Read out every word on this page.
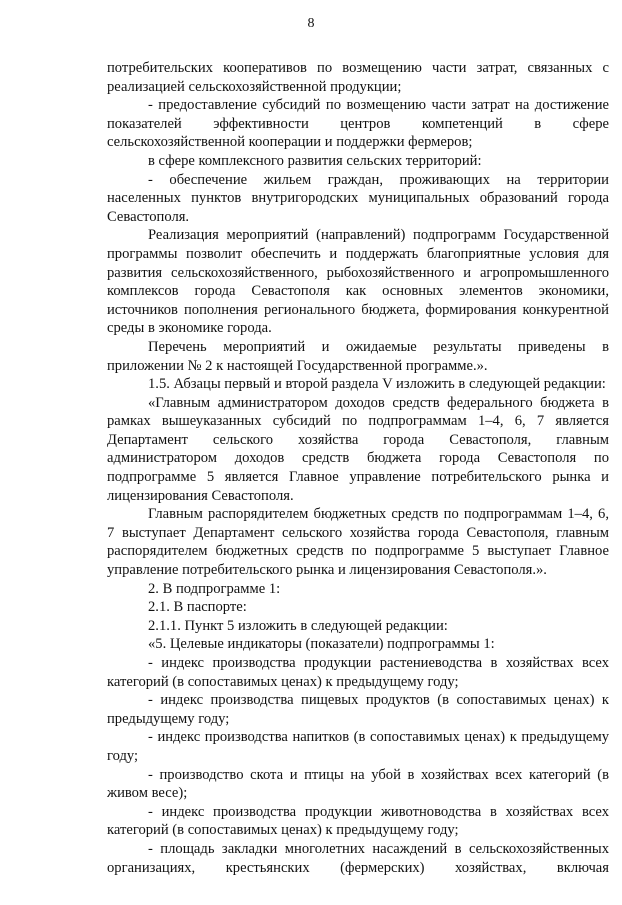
8

потребительских кооперативов по возмещению части затрат, связанных с реализацией сельскохозяйственной продукции;

- предоставление субсидий по возмещению части затрат на достижение показателей эффективности центров компетенций в сфере сельскохозяйственной кооперации и поддержки фермеров;

в сфере комплексного развития сельских территорий:

- обеспечение жильем граждан, проживающих на территории населенных пунктов внутригородских муниципальных образований города Севастополя.

Реализация мероприятий (направлений) подпрограмм Государственной программы позволит обеспечить и поддержать благоприятные условия для развития сельскохозяйственного, рыбохозяйственного и агропромышленного комплексов города Севастополя как основных элементов экономики, источников пополнения регионального бюджета, формирования конкурентной среды в экономике города.

Перечень мероприятий и ожидаемые результаты приведены в приложении № 2 к настоящей Государственной программе.».

1.5. Абзацы первый и второй раздела V изложить в следующей редакции:

«Главным администратором доходов средств федерального бюджета в рамках вышеуказанных субсидий по подпрограммам 1–4, 6, 7 является Департамент сельского хозяйства города Севастополя, главным администратором доходов средств бюджета города Севастополя по подпрограмме 5 является Главное управление потребительского рынка и лицензирования Севастополя.

Главным распорядителем бюджетных средств по подпрограммам 1–4, 6, 7 выступает Департамент сельского хозяйства города Севастополя, главным распорядителем бюджетных средств по подпрограмме 5 выступает Главное управление потребительского рынка и лицензирования Севастополя.».

2. В подпрограмме 1:

2.1. В паспорте:

2.1.1. Пункт 5 изложить в следующей редакции:

«5. Целевые индикаторы (показатели) подпрограммы 1:

- индекс производства продукции растениеводства в хозяйствах всех категорий (в сопоставимых ценах) к предыдущему году;

- индекс производства пищевых продуктов (в сопоставимых ценах) к предыдущему году;

- индекс производства напитков (в сопоставимых ценах) к предыдущему году;

- производство скота и птицы на убой в хозяйствах всех категорий (в живом весе);

- индекс производства продукции животноводства в хозяйствах всех категорий (в сопоставимых ценах) к предыдущему году;

- площадь закладки многолетних насаждений в сельскохозяйственных организациях, крестьянских (фермерских) хозяйствах, включая
